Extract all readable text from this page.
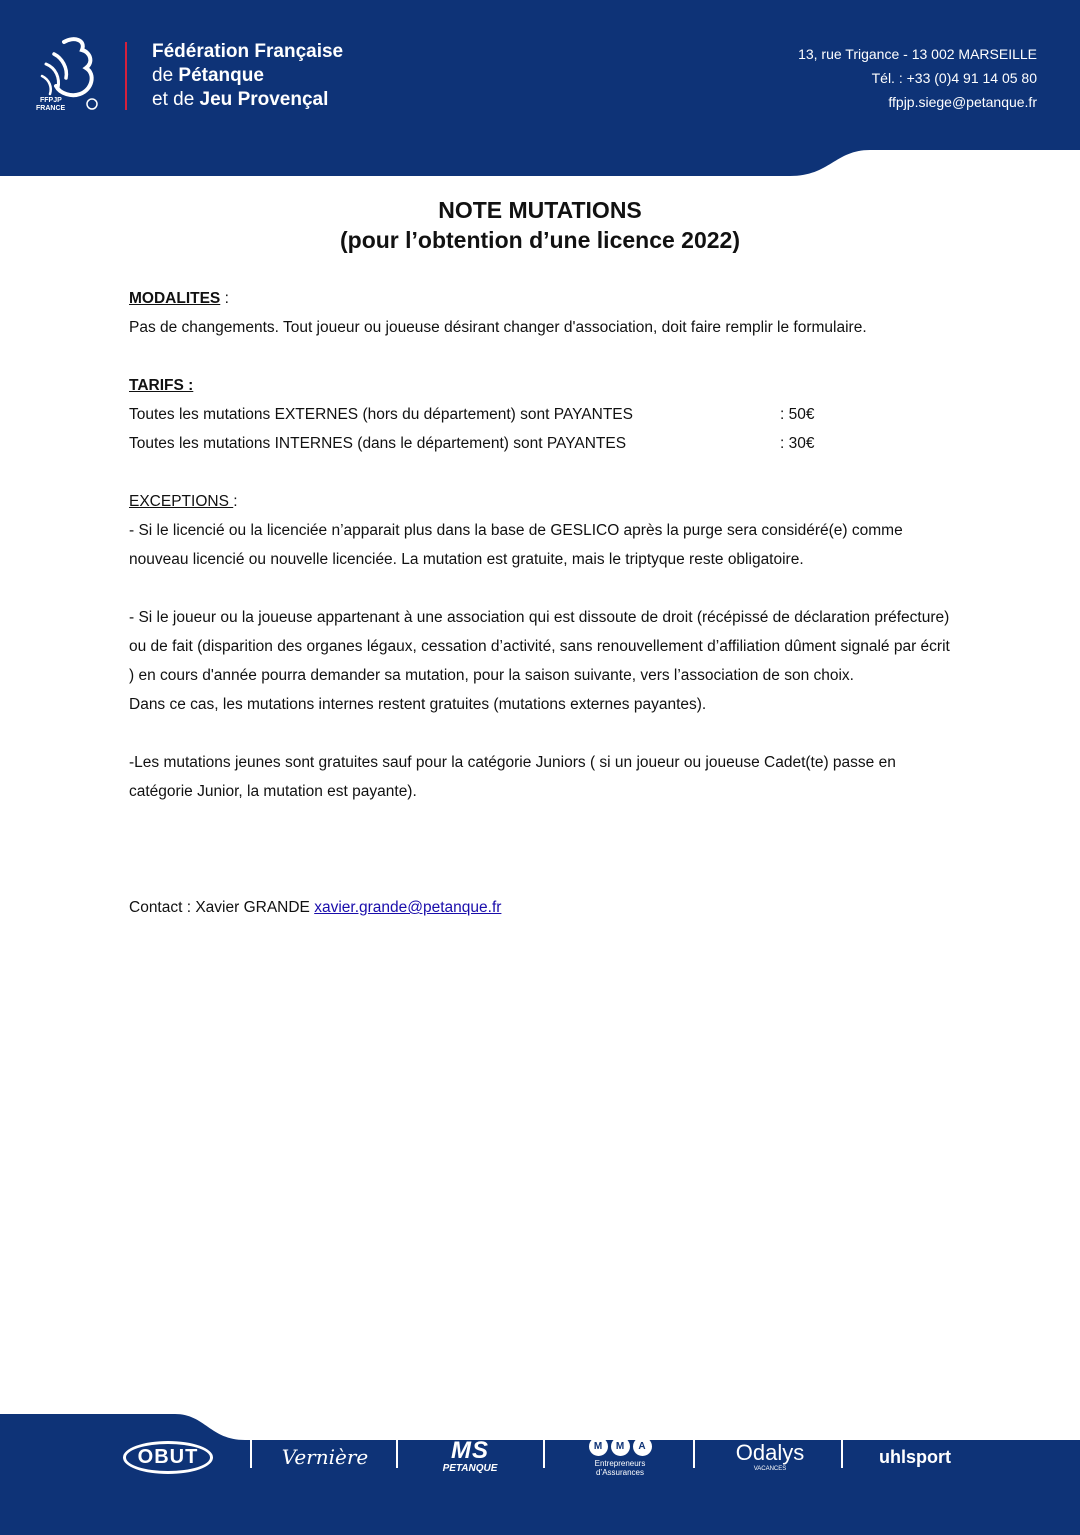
FFPJP
FRANCE
Fédération Française
de Pétanque
et de Jeu Provençal
13, rue Trigance - 13 002 MARSEILLE
Tél. : +33 (0)4 91 14 05 80
ffpjp.siege@petanque.fr
NOTE MUTATIONS
(pour l’obtention d’une licence 2022)
MODALITES :
Pas de changements. Tout joueur ou joueuse désirant changer d'association, doit faire remplir le formulaire.
TARIFS :
Toutes les mutations EXTERNES (hors du département) sont PAYANTES	: 50€
Toutes les mutations INTERNES (dans le département) sont PAYANTES	: 30€
EXCEPTIONS :
- Si le licencié ou la licenciée n’apparait plus dans la base de GESLICO après la purge sera considéré(e) comme nouveau licencié ou nouvelle licenciée. La mutation est gratuite, mais le triptyque reste obligatoire.
- Si le joueur ou la joueuse appartenant à une association qui est dissoute de droit (récépissé de déclaration préfecture) ou de fait (disparition des organes légaux, cessation d’activité, sans renouvellement d’affiliation dûment signalé par écrit ) en cours d'année pourra demander sa mutation, pour la saison suivante, vers l’association de son choix.
Dans ce cas, les mutations internes restent gratuites (mutations externes payantes).
-Les mutations jeunes sont gratuites sauf pour la catégorie Juniors ( si un joueur ou joueuse Cadet(te) passe en catégorie Junior, la mutation est payante).
Contact : Xavier GRANDE xavier.grande@petanque.fr
OBUT	Vernière	MS
PETANQUE
M	M	A
Entrepreneurs
d’Assurances
Odalys
VACANCES
uhlsport
